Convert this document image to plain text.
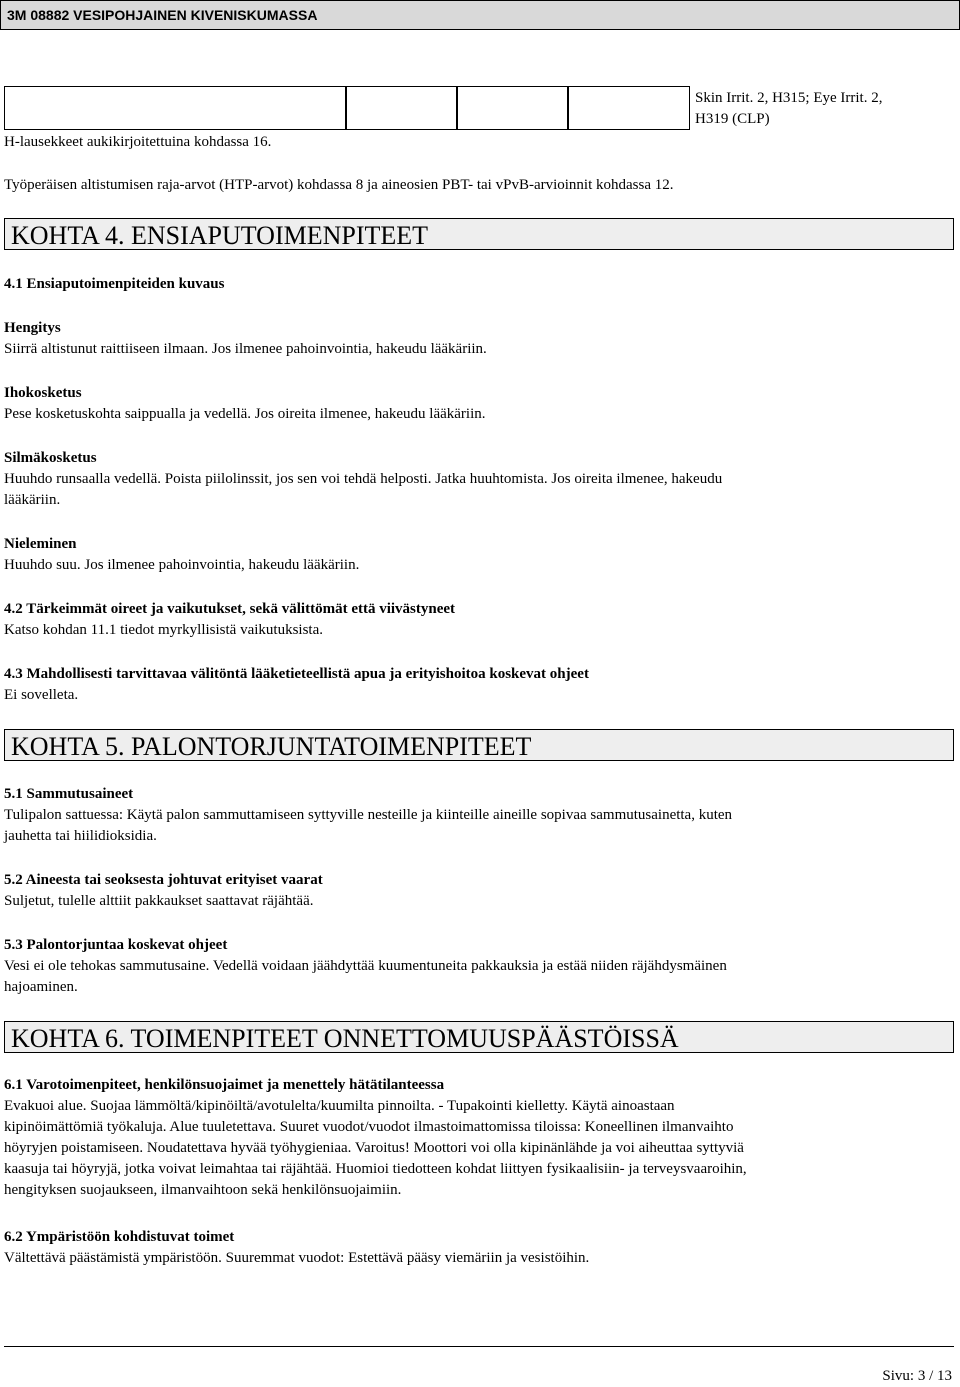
3M 08882 VESIPOHJAINEN KIVENISKUMASSA
H-lausekkeet aukikirjoitettuina kohdassa 16.
Skin Irrit. 2, H315; Eye Irrit. 2,
H319 (CLP)
Työperäisen altistumisen raja-arvot (HTP-arvot) kohdassa 8 ja aineosien PBT- tai vPvB-arvioinnit kohdassa 12.
KOHTA 4. ENSIAPUTOIMENPITEET
4.1 Ensiaputoimenpiteiden kuvaus
Hengitys
Siirrä altistunut raittiiseen ilmaan. Jos ilmenee pahoinvointia, hakeudu lääkäriin.
Ihokosketus
Pese kosketuskohta saippualla ja vedellä. Jos oireita ilmenee, hakeudu lääkäriin.
Silmäkosketus
Huuhdo runsaalla vedellä. Poista piilolinssit, jos sen voi tehdä helposti. Jatka huuhtomista. Jos oireita ilmenee, hakeudu
lääkäriin.
Nieleminen
Huuhdo suu. Jos ilmenee pahoinvointia, hakeudu lääkäriin.
4.2 Tärkeimmät oireet ja vaikutukset, sekä välittömät että viivästyneet
Katso kohdan 11.1 tiedot myrkyllisistä vaikutuksista.
4.3 Mahdollisesti tarvittavaa välitöntä lääketieteellistä apua ja erityishoitoa koskevat ohjeet
Ei sovelleta.
KOHTA 5. PALONTORJUNTATOIMENPITEET
5.1 Sammutusaineet
Tulipalon sattuessa: Käytä palon sammuttamiseen syttyville nesteille ja kiinteille aineille sopivaa sammutusainetta, kuten
jauhetta tai hiilidioksidia.
5.2 Aineesta tai seoksesta johtuvat erityiset vaarat
Suljetut, tulelle alttiit pakkaukset saattavat räjähtää.
5.3 Palontorjuntaa koskevat ohjeet
Vesi ei ole tehokas sammutusaine. Vedellä voidaan jäähdyttää kuumentuneita pakkauksia ja estää niiden räjähdysmäinen
hajoaminen.
KOHTA 6. TOIMENPITEET ONNETTOMUUSPÄÄSTÖISSÄ
6.1 Varotoimenpiteet, henkilönsuojaimet ja menettely hätätilanteessa
Evakuoi alue. Suojaa lämmöltä/kipinöiltä/avotulelta/kuumilta pinnoilta. - Tupakointi kielletty. Käytä ainoastaan
kipinöimättömiä työkaluja. Alue tuuletettava. Suuret vuodot/vuodot ilmastoimattomissa tiloissa: Koneellinen ilmanvaihto
höyryjen poistamiseen. Noudatettava hyvää työhygieniaa. Varoitus! Moottori voi olla kipinänlähde ja voi aiheuttaa syttyviä
kaasuja tai höyryjä, jotka voivat leimahtaa tai räjähtää. Huomioi tiedotteen kohdat liittyen fysikaalisiin- ja terveysvaaroihin,
hengityksen suojaukseen, ilmanvaihtoon sekä henkilönsuojaimiin.
6.2 Ympäristöön kohdistuvat toimet
Vältettävä päästämistä ympäristöön. Suuremmat vuodot: Estettävä pääsy viemäriin ja vesistöihin.
Sivu: 3 / 13
